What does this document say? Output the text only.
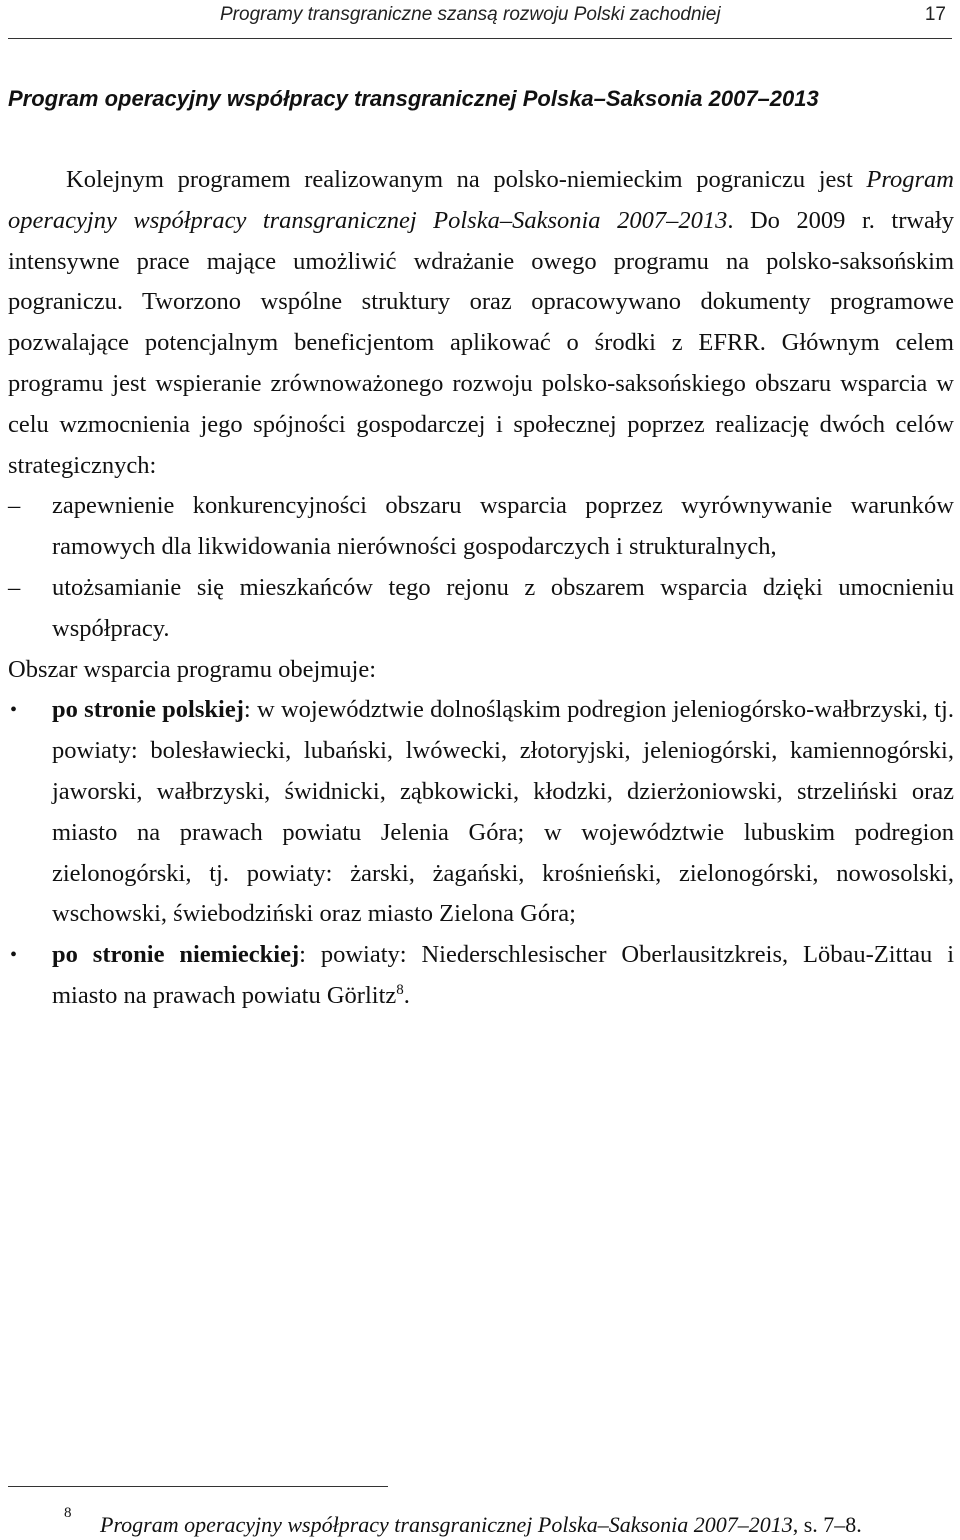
Programy transgraniczne szansą rozwoju Polski zachodniej	17
Program operacyjny współpracy transgranicznej Polska–Saksonia 2007–2013

Kolejnym programem realizowanym na polsko-niemieckim pograniczu jest Program operacyjny współpracy transgranicznej Polska–Saksonia 2007–2013. Do 2009 r. trwały intensywne prace mające umożliwić wdrażanie owego programu na polsko-saksońskim pograniczu. Tworzono wspólne struktury oraz opracowywano dokumenty programowe pozwalające potencjalnym beneficjentom aplikować o środki z EFRR. Głównym celem programu jest wspieranie zrównoważonego rozwoju polsko-saksońskiego obszaru wsparcia w celu wzmocnienia jego spójności gospodarczej i społecznej poprzez realizację dwóch celów strategicznych:

– zapewnienie konkurencyjności obszaru wsparcia poprzez wyrównywanie warunków ramowych dla likwidowania nierówności gospodarczych i strukturalnych,
– utożsamianie się mieszkańców tego rejonu z obszarem wsparcia dzięki umocnieniu współpracy.

Obszar wsparcia programu obejmuje:

• po stronie polskiej: w województwie dolnośląskim podregion jeleniogórsko-wałbrzyski, tj. powiaty: bolesławiecki, lubański, lwówecki, złotoryjski, jeleniogórski, kamiennogórski, jaworski, wałbrzyski, świdnicki, ząbkowicki, kłodzki, dzierżoniowski, strzeliński oraz miasto na prawach powiatu Jelenia Góra; w województwie lubuskim podregion zielonogórski, tj. powiaty: żarski, żagański, krośnieński, zielonogórski, nowosolski, wschowski, świebodziński oraz miasto Zielona Góra;
• po stronie niemieckiej: powiaty: Niederschlesischer Oberlausitzkreis, Löbau-Zittau i miasto na prawach powiatu Görlitz$^8$.
8 Program operacyjny współpracy transgranicznej Polska–Saksonia 2007–2013, s. 7–8.
